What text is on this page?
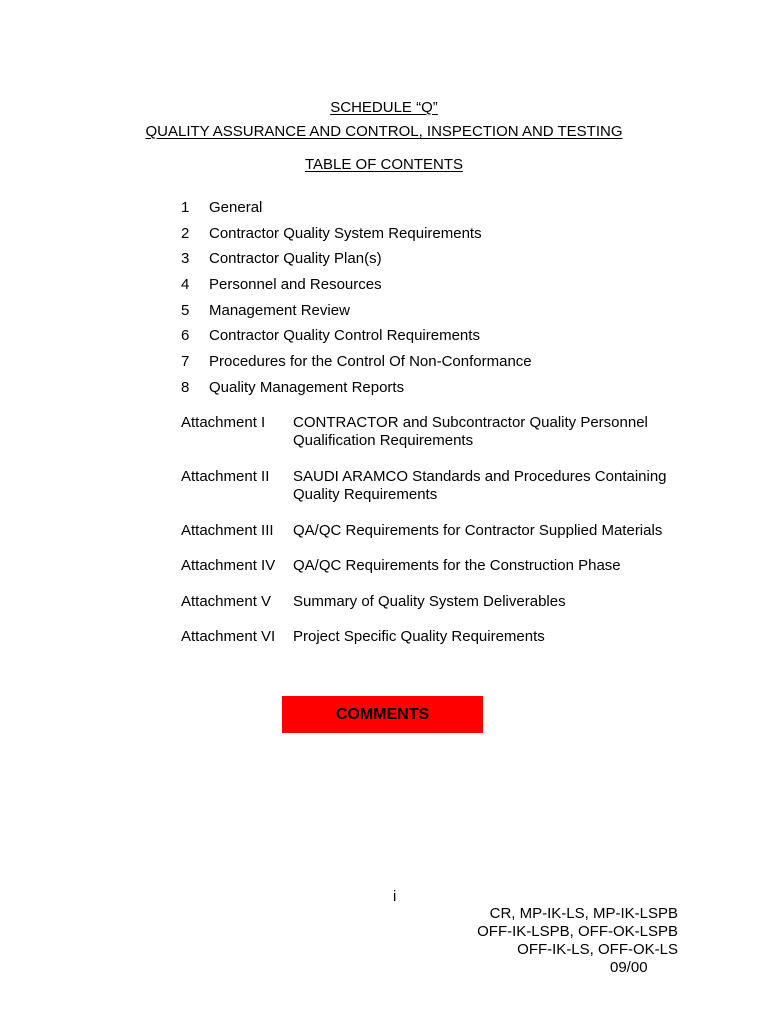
SCHEDULE “Q”
QUALITY ASSURANCE AND CONTROL, INSPECTION AND TESTING
TABLE OF CONTENTS
1	General
2	Contractor Quality System Requirements
3	Contractor Quality Plan(s)
4	Personnel and Resources
5	Management Review
6	Contractor Quality Control Requirements
7	Procedures for the Control Of Non-Conformance
8	Quality Management Reports
Attachment I	CONTRACTOR and Subcontractor Quality Personnel Qualification Requirements
Attachment II	SAUDI ARAMCO Standards and Procedures Containing Quality Requirements
Attachment III	QA/QC Requirements for Contractor Supplied Materials
Attachment IV	QA/QC Requirements for the Construction Phase
Attachment V	Summary of Quality System Deliverables
Attachment VI	Project Specific Quality Requirements
COMMENTS
i
CR, MP-IK-LS, MP-IK-LSPB
OFF-IK-LSPB, OFF-OK-LSPB
OFF-IK-LS, OFF-OK-LS
09/00
